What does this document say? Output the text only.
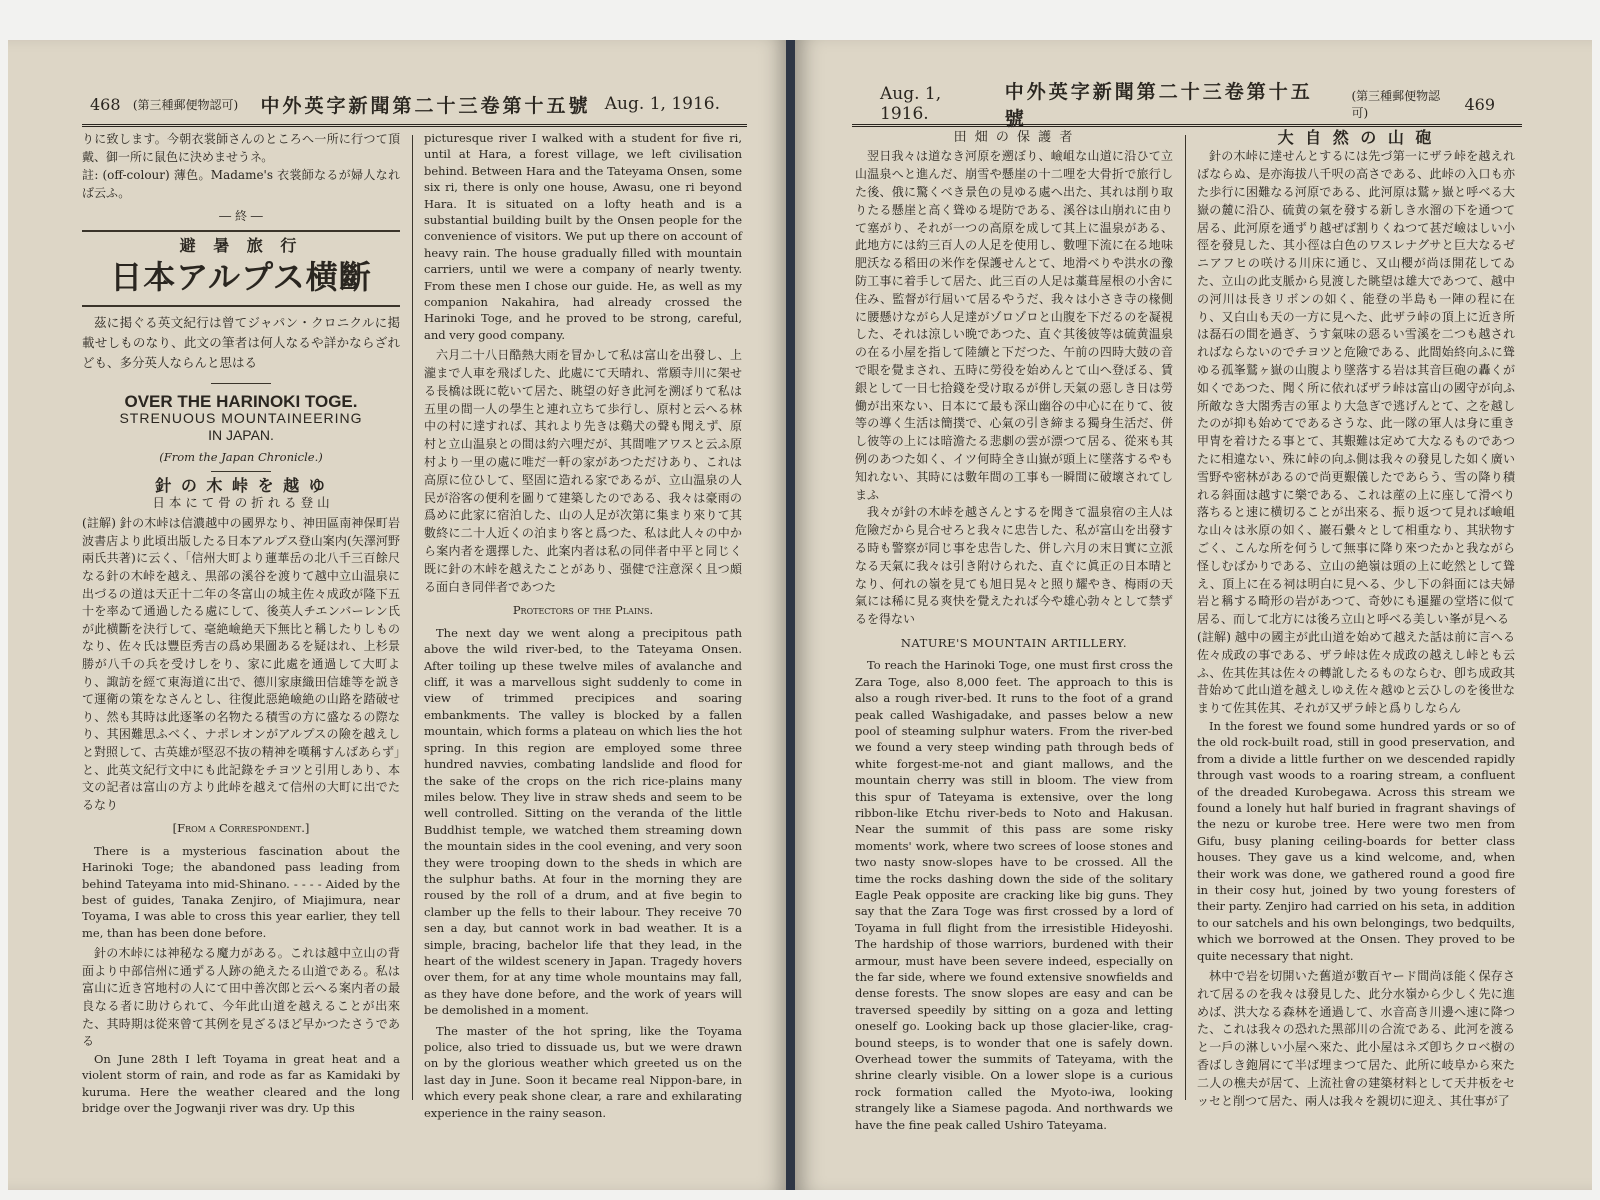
468 (第三種郵便物認可) 中外英字新聞第二十三卷第十五號 Aug. 1, 1916.
りに致します。今朝衣裳師さんのところへ一所に行つて頂戴、御一所に鼠色に決めませうネ。
註: (off-colour) 薄色。Madame's 衣裳師なるが婦人なれば云ふ。
― 終 ―
避 暑 旅 行
日本アルプス横斷
茲に掲ぐる英文紀行は曾てジャパン・クロニクルに掲載せしものなり、此文の筆者は何人なるや詳かならざれども、多分英人ならんと思はる
OVER THE HARINOKI TOGE.
STRENUOUS MOUNTAINEERING
IN JAPAN.
(From the Japan Chronicle.)
針 の 木 峠 を 越 ゆ
日 本 に て 骨 の 折 れ る 登 山
(註解) 針の木峠は信濃越中の國界なり、神田區南神保町岩波書店より此頃出版したる日本アルプス登山案内(矢澤河野兩氏共著)に云く、「信州大町より蓮華岳の北八千三百餘尺なる針の木峠を越え、黒部の溪谷を渡りて越中立山温泉に出づるの道は天正十二年の冬富山の城主佐々成政が隆下五十を率ゐて通過したる處にして、後英人チエンバーレン氏が此横斷を決行して、毫絶嶮絶天下無比と稱したりしものなり、佐々氏は豐臣秀吉の爲め果圖あるを疑はれ、上杉景勝が八千の兵を受けしをり、家に此處を通過して大町より、諏訪を經て東海道に出で、德川家康織田信雄等を説きて運衛の策をなさんとし、往復此惡絶嶮絶の山路を踏破せり、然も其時は此逐峯の名物たる積雪の方に盛なるの際なり、其困難思ふべく、ナポレオンがアルプスの險を越えしと對照して、古英雄が堅忍不抜の精神を嘆稱すんばあらず」と、此英文紀行文中にも此記錄をチヨツと引用しあり、本文の記者は富山の方より此峠を越えて信州の大町に出でたるなり
[From a Correspondent.]

There is a mysterious fascination about the Harinoki Toge; the abandoned pass leading from behind Tateyama into mid-Shinano. - - - - Aided by the best of guides, Tanaka Zenjiro, of Miajimura, near Toyama, I was able to cross this year earlier, they tell me, than has been done before.

針の木峠には神秘なる魔力がある。これは越中立山の背面より中部信州に通ずる人跡の絶えたる山道である。私は富山に近き宮地村の人にて田中善次郎と云へる案内者の最良なる者に助けられて、今年此山道を越えることが出來た、其時期は從來曾て其例を見ざるほど早かつたさうである

On June 28th I left Toyama in great heat and a violent storm of rain, and rode as far as Kamidaki by kuruma. Here the weather cleared and the long bridge over the Jogwanji river was dry. Up this

picturesque river I walked with a student for five ri, until at Hara, a forest village, we left civilisation behind. Between Hara and the Tateyama Onsen, some six ri, there is only one house, Awasu, one ri beyond Hara. It is situated on a lofty heath and is a substantial building built by the Onsen people for the convenience of visitors. We put up there on account of heavy rain. The house gradually filled with mountain carriers, until we were a company of nearly twenty. From these men I chose our guide. He, as well as my companion Nakahira, had already crossed the Harinoki Toge, and he proved to be strong, careful, and very good company.

六月二十八日酷熱大雨を冒かして私は富山を出發し、上瀧まで人車を飛ばした、此處にて天晴れ、常願寺川に架せる長橋は既に乾いて居た、眺望の好き此河を溯ぼりて私は五里の間一人の學生と連れ立ちて歩行し、原村と云へる林中の村に達すれば、其れより先きは鷄犬の聲も聞えず、原村と立山温泉との間は約六哩だが、其間唯アワスと云ふ原村より一里の處に唯だ一軒の家があつただけあり、これは高原に位ひして、堅固に造れる家であるが、立山温泉の人民が浴客の便利を圖りて建築したのである、我々は豪雨の爲めに此家に宿泊した、山の人足が次第に集まり來りて其數終に二十人近くの泊まり客と爲つた、私は此人々の中から案内者を選擇した、此案内者は私の同伴者中平と同じく既に針の木峠を越えたことがあり、强健で注意深く且つ頗る面白き同伴者であつた
Protectors of the Plains.

The next day we went along a precipitous path above the wild river-bed, to the Tateyama Onsen. After toiling up these twelve miles of avalanche and cliff, it was a marvellous sight suddenly to come in view of trimmed precipices and soaring embankments. The valley is blocked by a fallen mountain, which forms a plateau on which lies the hot spring. In this region are employed some three hundred navvies, combating landslide and flood for the sake of the crops on the rich rice-plains many miles below. They live in straw sheds and seem to be well controlled. Sitting on the veranda of the little Buddhist temple, we watched them streaming down the mountain sides in the cool evening, and very soon they were trooping down to the sheds in which are the sulphur baths. At four in the morning they are roused by the roll of a drum, and at five begin to clamber up the fells to their labour. They receive 70 sen a day, but cannot work in bad weather. It is a simple, bracing, bachelor life that they lead, in the heart of the wildest scenery in Japan. Tragedy hovers over them, for at any time whole mountains may fall, as they have done before, and the work of years will be demolished in a moment.

The master of the hot spring, like the Toyama police, also tried to dissuade us, but we were drawn on by the glorious weather which greeted us on the last day in June. Soon it became real Nippon-bare, in which every peak shone clear, a rare and exhilarating experience in the rainy season.

Aug. 1, 1916.
中外英字新聞第二十三卷第十五號
(第三種郵便物認可)	469
田 畑 の 保 護 者
翌日我々は道なき河原を遡ぼり、嶮岨な山道に沿ひて立山温泉へと進んだ、崩雪や懸崖の十二哩を大骨折で旅行した後、俄に驚くべき景色の見ゆる處へ出た、其れは削り取りたる懸崖と高く聳ゆる堤防である、溪谷は山崩れに由りて塞がり、それが一つの高原を成して其上に温泉がある、此地方には約三百人の人足を使用し、數哩下流に在る地味肥沃なる稻田の米作を保護せんとて、地滑べりや洪水の豫防工事に着手して居た、此三百の人足は藁葺屋根の小舍に住み、監督が行屆いて居るやうだ、我々は小さき寺の椽側に腰懸けながら人足達がゾロゾロと山腹を下だるのを凝視した、それは涼しい晩であつた、直ぐ其後彼等は硫黄温泉の在る小屋を指して陸續と下だつた、午前の四時大鼓の音で眼を覺まされ、五時に勞役を始めんとて山へ登ぼる、賃銀として一日七拾錢を受け取るが併し天氣の惡しき日は勞働が出來ない、日本にて最も深山幽谷の中心に在りて、彼等の導く生活は簡撲で、心氣の引き締まる獨身生活だ、併し彼等の上には暗澹たる悲劇の雲が漂つて居る、從來も其例のあつた如く、イツ何時全き山嶽が頭上に墜落するやも知れない、其時には數年間の工事も一瞬間に破壞されてしまふ
我々が針の木峠を越さんとするを聞きて温泉宿の主人は危險だから見合せろと我々に忠告した、私が富山を出發する時も警察が同じ事を忠告した、併し六月の末日實に立派なる天氣に我々は引き附けられた、直ぐに眞正の日本晴となり、何れの嶺を見ても旭日晃々と照り耀やき、梅雨の天氣には稀に見る爽快を覺えたれば今や雄心勃々として禁ずるを得ない
NATURE'S MOUNTAIN ARTILLERY.

To reach the Harinoki Toge, one must first cross the Zara Toge, also 8,000 feet. The approach to this is also a rough river-bed. It runs to the foot of a grand peak called Washigadake, and passes below a new pool of steaming sulphur waters. From the river-bed we found a very steep winding path through beds of white forgest-me-not and giant mallows, and the mountain cherry was still in bloom. The view from this spur of Tateyama is extensive, over the long ribbon-like Etchu river-beds to Noto and Hakusan. Near the summit of this pass are some risky moments' work, where two screes of loose stones and two nasty snow-slopes have to be crossed. All the time the rocks dashing down the side of the solitary Eagle Peak opposite are cracking like big guns. They say that the Zara Toge was first crossed by a lord of Toyama in full flight from the irresistible Hideyoshi. The hardship of those warriors, burdened with their armour, must have been severe indeed, especially on the far side, where we found extensive snowfields and dense forests. The snow slopes are easy and can be traversed speedily by sitting on a goza and letting oneself go. Looking back up those glacier-like, crag-bound steeps, is to wonder that one is safely down. Overhead tower the summits of Tateyama, with the shrine clearly visible. On a lower slope is a curious rock formation called the Myoto-iwa, looking strangely like a Siamese pagoda. And northwards we have the fine peak called Ushiro Tateyama.

大 自 然 の 山 砲
針の木峠に達せんとするには先づ第一にザラ峠を越えればならぬ、是亦海拔八千呎の高さである、此峠の入口も亦た歩行に困難なる河原である、此河原は鷲ヶ嶽と呼べる大嶽の麓に沿ひ、硫黄の氣を發する新しき水溜の下を通つて居る、此河原を通ずり越ぜば割りくねつて甚だ嶮はしい小徑を發見した、其小徑は白色のワスレナグサと巨大なるゼニアフヒの咲ける川床に通じ、又山櫻が尚ほ開花してゐた、立山の此支脈から見渡した眺望は雄大であつて、越中の河川は長きリボンの如く、能登の半島も一陣の程に在り、又白山も天の一方に見へた、此ザラ峠の頂上に近き所は磊石の間を過ぎ、うす氣味の惡るい雪溪を二つも越されればならないのでチヨツと危險である、此間始終向ふに聳ゆる孤峯鷲ヶ嶽の山腹より墜落する岩は其音巨砲の轟くが如くであつた、聞く所に依ればザラ峠は富山の國守が向ふ所敵なき大閤秀吉の軍より大急ぎで逃げんとて、之を越したのが抑も始めてであるさうな、此一隊の軍人は身に重き甲冑を着けたる事とて、其艱難は定めて大なるものであつたに相違ない、殊に峠の向ふ側は我々の發見した如く廣い雪野や密林があるので尚更艱儀したであらう、雪の降り積れる斜面は越すに樂である、これは蓙の上に座して滑べり落ちると速に横切ることが出來る、振り返つて見れば嶮岨な山々は氷原の如く、巖石纍々として相重なり、其狀物すごく、こんな所を何うして無事に降り來つたかと我ながら怪しむばかりである、立山の絶嶺は頭の上に屹然として聳え、頂上に在る祠は明白に見へる、少し下の斜面には夫婦岩と稱する畸形の岩があつて、奇妙にも暹羅の堂塔に似て居る、而して北方には後ろ立山と呼べる美しい峯が見へる
(註解) 越中の國主が此山道を始めて越えた話は前に言へる佐々成政の事である、ザラ峠は佐々成政の越えし峠とも云ふ、佐其佐其は佐々の轉訛したるものならむ、卽ち成政其昔始めて此山道を越えしゆえ佐々越ゆと云ひしのを後世なまりて佐其佐其、それが又ザラ峠と爲りしならん

In the forest we found some hundred yards or so of the old rock-built road, still in good preservation, and from a divide a little further on we descended rapidly through vast woods to a roaring stream, a confluent of the dreaded Kurobegawa. Across this stream we found a lonely hut half buried in fragrant shavings of the nezu or kurobe tree. Here were two men from Gifu, busy planing ceiling-boards for better class houses. They gave us a kind welcome, and, when their work was done, we gathered round a good fire in their cosy hut, joined by two young foresters of their party. Zenjiro had carried on his seta, in addition to our satchels and his own belongings, two bedquilts, which we borrowed at the Onsen. They proved to be quite necessary that night.

林中で岩を切開いた舊道が數百ヤード間尚ほ能く保存されて居るのを我々は發見した、此分水嶺から少しく先に進めば、洪大なる森林を通過して、水音高き川邊へ速に降つた、これは我々の恐れた黑部川の合流である、此河を渡ると一戶の淋しい小屋へ來た、此小屋はネズ卽ちクロベ樹の香ばしき鉋屑にて半ば埋まつて居た、此所に岐阜から來た二人の樵夫が居て、上流社會の建築材料として天井板をセッセと削つて居た、兩人は我々を親切に迎え、其仕事が了
